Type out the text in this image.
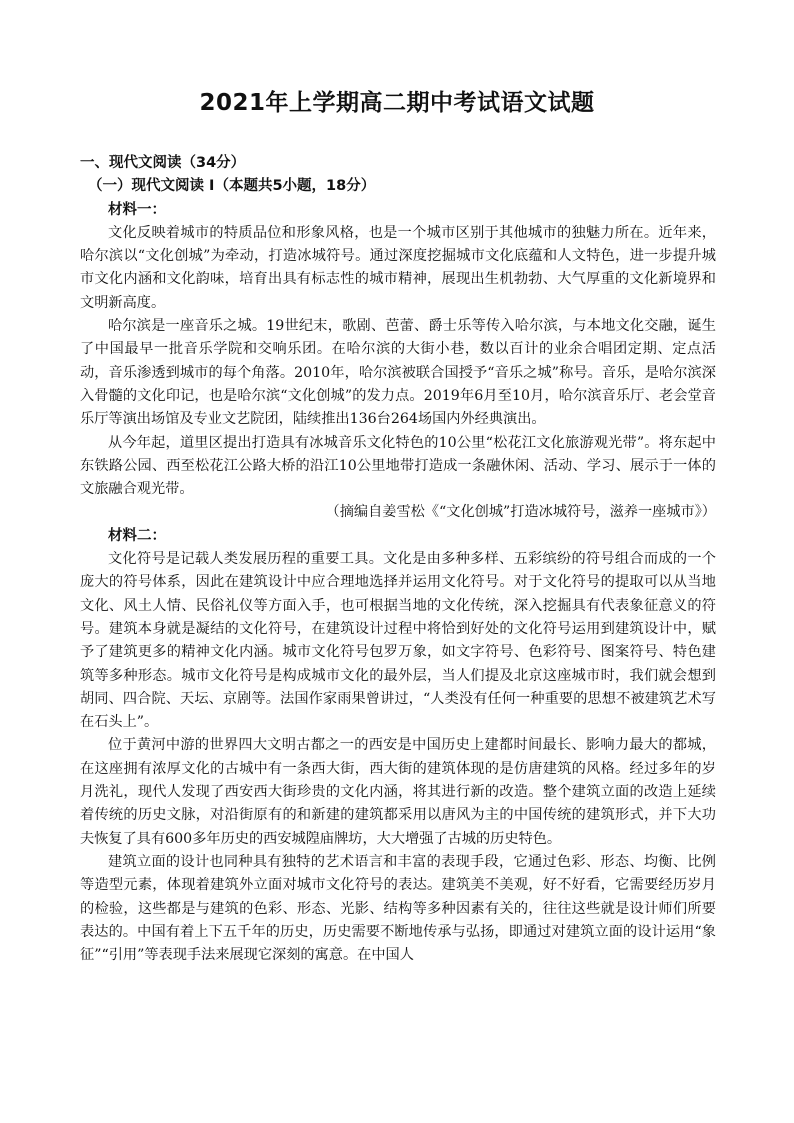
2021年上学期高二期中考试语文试题

一、现代文阅读（34分）

（一）现代文阅读 I（本题共5小题，18分）

材料一：

文化反映着城市的特质品位和形象风格，也是一个城市区别于其他城市的独魅力所在。近年来，哈尔滨以“文化创城”为牵动，打造冰城符号。通过深度挖掘城市文化底蕴和人文特色，进一步提升城市文化内涵和文化韵味，培育出具有标志性的城市精神，展现出生机勃勃、大气厚重的文化新境界和文明新高度。

哈尔滨是一座音乐之城。19世纪末，歌剧、芭蕾、爵士乐等传入哈尔滨，与本地文化交融，诞生了中国最早一批音乐学院和交响乐团。在哈尔滨的大街小巷，数以百计的业余合唱团定期、定点活动，音乐渗透到城市的每个角落。2010年，哈尔滨被联合国授予“音乐之城”称号。音乐，是哈尔滨深入骨髓的文化印记，也是哈尔滨“文化创城”的发力点。2019年6月至10月，哈尔滨音乐厅、老会堂音乐厅等演出场馆及专业文艺院团，陆续推出136台264场国内外经典演出。

从今年起，道里区提出打造具有冰城音乐文化特色的10公里“松花江文化旅游观光带”。将东起中东铁路公园、西至松花江公路大桥的沿江10公里地带打造成一条融休闲、活动、学习、展示于一体的文旅融合观光带。

（摘编自姜雪松《“文化创城”打造冰城符号，滋养一座城市》）

材料二：

文化符号是记载人类发展历程的重要工具。文化是由多种多样、五彩缤纷的符号组合而成的一个庞大的符号体系，因此在建筑设计中应合理地选择并运用文化符号。对于文化符号的提取可以从当地文化、风土人情、民俗礼仪等方面入手，也可根据当地的文化传统，深入挖掘具有代表象征意义的符号。建筑本身就是凝结的文化符号，在建筑设计过程中将恰到好处的文化符号运用到建筑设计中，赋予了建筑更多的精神文化内涵。城市文化符号包罗万象，如文字符号、色彩符号、图案符号、特色建筑等多种形态。城市文化符号是构成城市文化的最外层，当人们提及北京这座城市时，我们就会想到胡同、四合院、天坛、京剧等。法国作家雨果曾讲过，“人类没有任何一种重要的思想不被建筑艺术写在石头上”。

位于黄河中游的世界四大文明古都之一的西安是中国历史上建都时间最长、影响力最大的都城，在这座拥有浓厚文化的古城中有一条西大街，西大街的建筑体现的是仿唐建筑的风格。经过多年的岁月洗礼，现代人发现了西安西大街珍贵的文化内涵，将其进行新的改造。整个建筑立面的改造上延续着传统的历史文脉，对沿街原有的和新建的建筑都采用以唐风为主的中国传统的建筑形式，并下大功夫恢复了具有600多年历史的西安城隍庙牌坊，大大增强了古城的历史特色。

建筑立面的设计也同种具有独特的艺术语言和丰富的表现手段，它通过色彩、形态、均衡、比例等造型元素，体现着建筑外立面对城市文化符号的表达。建筑美不美观，好不好看，它需要经历岁月的检验，这些都是与建筑的色彩、形态、光影、结构等多种因素有关的，往往这些就是设计师们所要表达的。中国有着上下五千年的历史，历史需要不断地传承与弘扬，即通过对建筑立面的设计运用“象征”“引用”等表现手法来展现它深刻的寓意。在中国人
